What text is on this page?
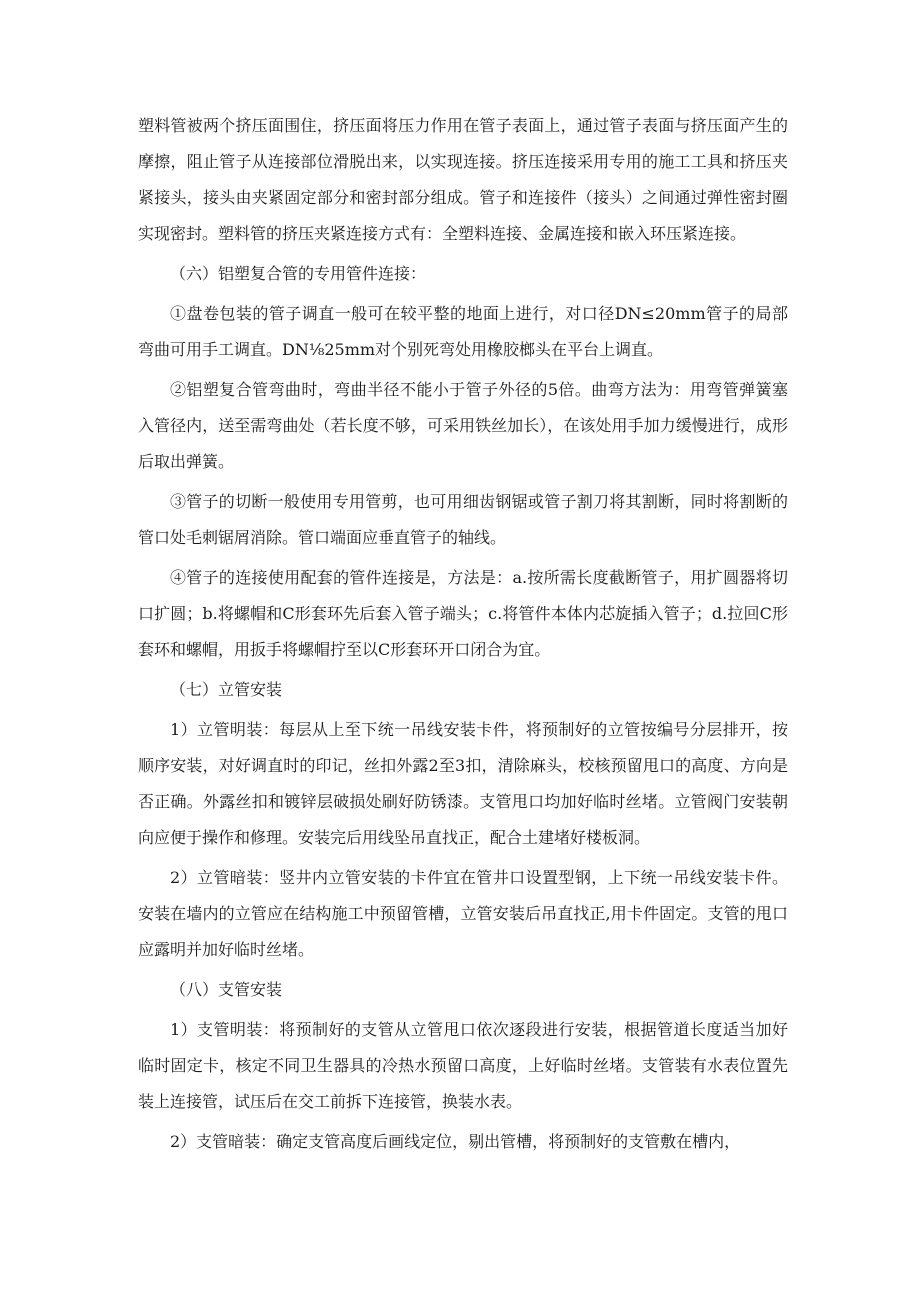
塑料管被两个挤压面围住，挤压面将压力作用在管子表面上，通过管子表面与挤压面产生的摩擦，阻止管子从连接部位滑脱出来，以实现连接。挤压连接采用专用的施工工具和挤压夹紧接头，接头由夹紧固定部分和密封部分组成。管子和连接件（接头）之间通过弹性密封圈实现密封。塑料管的挤压夹紧连接方式有：全塑料连接、金属连接和嵌入环压紧连接。

（六）铝塑复合管的专用管件连接：

①盘卷包装的管子调直一般可在较平整的地面上进行，对口径DN≤20mm管子的局部弯曲可用手工调直。DN⅛25mm对个别死弯处用橡胶榔头在平台上调直。

②铝塑复合管弯曲时，弯曲半径不能小于管子外径的5倍。曲弯方法为：用弯管弹簧塞入管径内，送至需弯曲处（若长度不够，可采用铁丝加长），在该处用手加力缓慢进行，成形后取出弹簧。

③管子的切断一般使用专用管剪，也可用细齿钢锯或管子割刀将其割断，同时将割断的管口处毛刺锯屑消除。管口端面应垂直管子的轴线。

④管子的连接使用配套的管件连接是，方法是：a.按所需长度截断管子，用扩圆器将切口扩圆；b.将螺帽和C形套环先后套入管子端头；c.将管件本体内芯旋插入管子；d.拉回C形套环和螺帽，用扳手将螺帽拧至以C形套环开口闭合为宜。

（七）立管安装

1）立管明装：每层从上至下统一吊线安装卡件，将预制好的立管按编号分层排开，按顺序安装，对好调直时的印记，丝扣外露2至3扣，清除麻头，校核预留甩口的高度、方向是否正确。外露丝扣和镀锌层破损处刷好防锈漆。支管甩口均加好临时丝堵。立管阀门安装朝向应便于操作和修理。安装完后用线坠吊直找正，配合土建堵好楼板洞。

2）立管暗装：竖井内立管安装的卡件宜在管井口设置型钢，上下统一吊线安装卡件。安装在墙内的立管应在结构施工中预留管槽，立管安装后吊直找正,用卡件固定。支管的甩口应露明并加好临时丝堵。

（八）支管安装

1）支管明装：将预制好的支管从立管甩口依次逐段进行安装，根据管道长度适当加好临时固定卡，核定不同卫生器具的冷热水预留口高度，上好临时丝堵。支管装有水表位置先装上连接管，试压后在交工前拆下连接管，换装水表。

2）支管暗装：确定支管高度后画线定位，剔出管槽，将预制好的支管敷在槽内，
